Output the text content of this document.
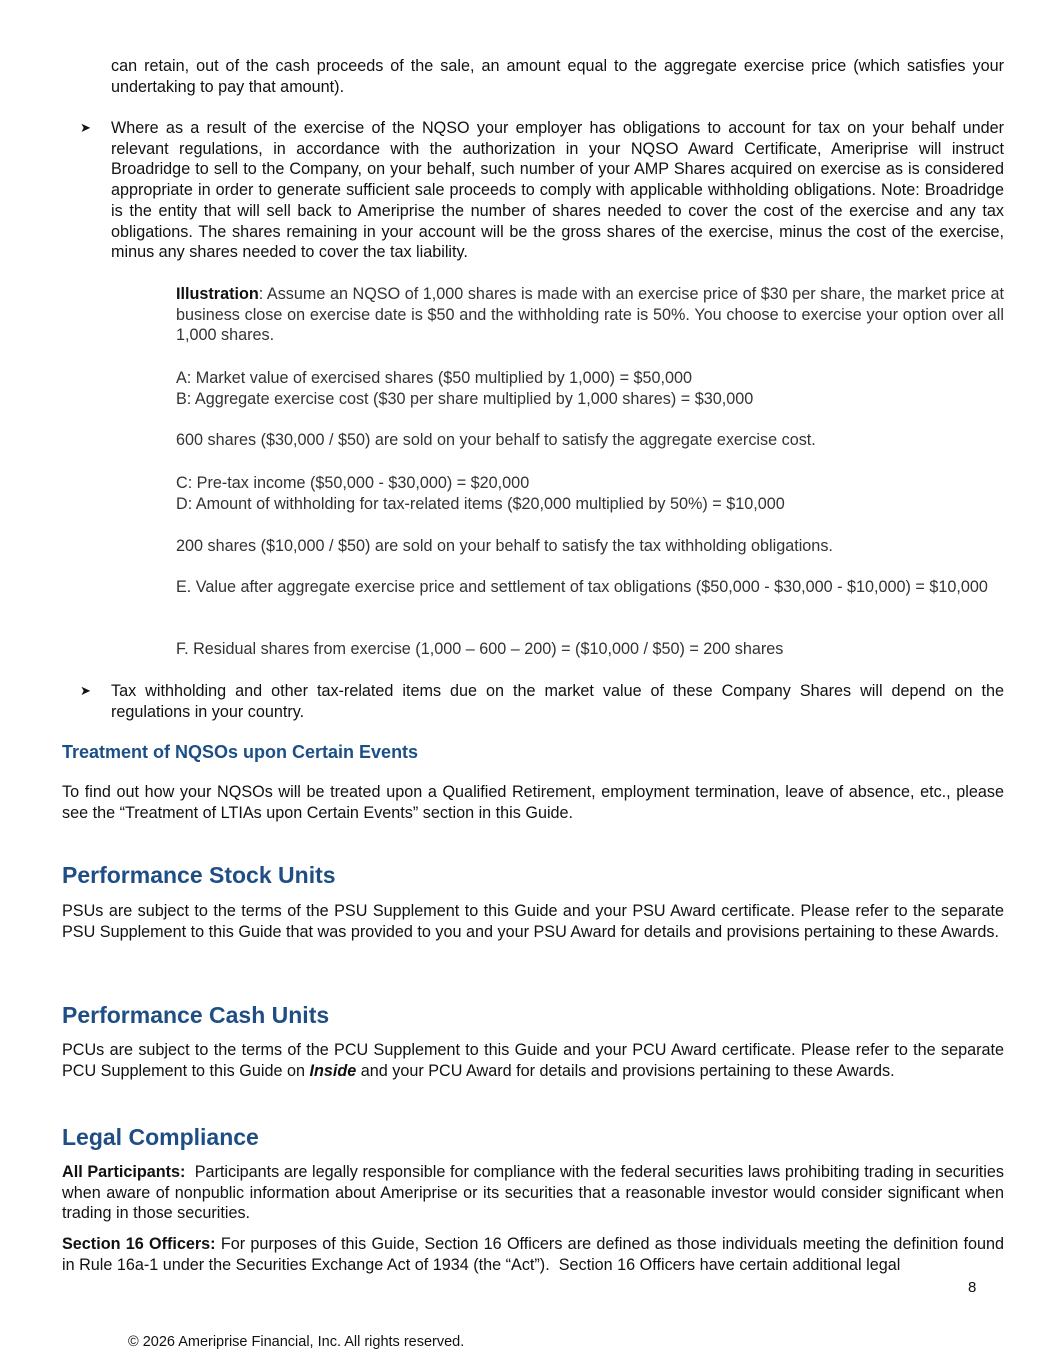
can retain, out of the cash proceeds of the sale, an amount equal to the aggregate exercise price (which satisfies your undertaking to pay that amount).

➤ Where as a result of the exercise of the NQSO your employer has obligations to account for tax on your behalf under relevant regulations, in accordance with the authorization in your NQSO Award Certificate, Ameriprise will instruct Broadridge to sell to the Company, on your behalf, such number of your AMP Shares acquired on exercise as is considered appropriate in order to generate sufficient sale proceeds to comply with applicable withholding obligations. Note: Broadridge is the entity that will sell back to Ameriprise the number of shares needed to cover the cost of the exercise and any tax obligations. The shares remaining in your account will be the gross shares of the exercise, minus the cost of the exercise, minus any shares needed to cover the tax liability.

Illustration: Assume an NQSO of 1,000 shares is made with an exercise price of $30 per share, the market price at business close on exercise date is $50 and the withholding rate is 50%. You choose to exercise your option over all 1,000 shares.

A: Market value of exercised shares ($50 multiplied by 1,000) = $50,000
B: Aggregate exercise cost ($30 per share multiplied by 1,000 shares) = $30,000

600 shares ($30,000 / $50) are sold on your behalf to satisfy the aggregate exercise cost.

C: Pre-tax income ($50,000 - $30,000) = $20,000
D: Amount of withholding for tax-related items ($20,000 multiplied by 50%) = $10,000

200 shares ($10,000 / $50) are sold on your behalf to satisfy the tax withholding obligations.

E. Value after aggregate exercise price and settlement of tax obligations ($50,000 - $30,000 - $10,000) = $10,000

F. Residual shares from exercise (1,000 – 600 – 200) = ($10,000 / $50) = 200 shares

➤ Tax withholding and other tax-related items due on the market value of these Company Shares will depend on the regulations in your country.

Treatment of NQSOs upon Certain Events

To find out how your NQSOs will be treated upon a Qualified Retirement, employment termination, leave of absence, etc., please see the “Treatment of LTIAs upon Certain Events” section in this Guide.

Performance Stock Units

PSUs are subject to the terms of the PSU Supplement to this Guide and your PSU Award certificate. Please refer to the separate PSU Supplement to this Guide that was provided to you and your PSU Award for details and provisions pertaining to these Awards.

Performance Cash Units

PCUs are subject to the terms of the PCU Supplement to this Guide and your PCU Award certificate. Please refer to the separate PCU Supplement to this Guide on Inside and your PCU Award for details and provisions pertaining to these Awards.

Legal Compliance

All Participants:  Participants are legally responsible for compliance with the federal securities laws prohibiting trading in securities when aware of nonpublic information about Ameriprise or its securities that a reasonable investor would consider significant when trading in those securities.

Section 16 Officers: For purposes of this Guide, Section 16 Officers are defined as those individuals meeting the definition found in Rule 16a-1 under the Securities Exchange Act of 1934 (the “Act”).  Section 16 Officers have certain additional legal

8
© 2026 Ameriprise Financial, Inc. All rights reserved.
